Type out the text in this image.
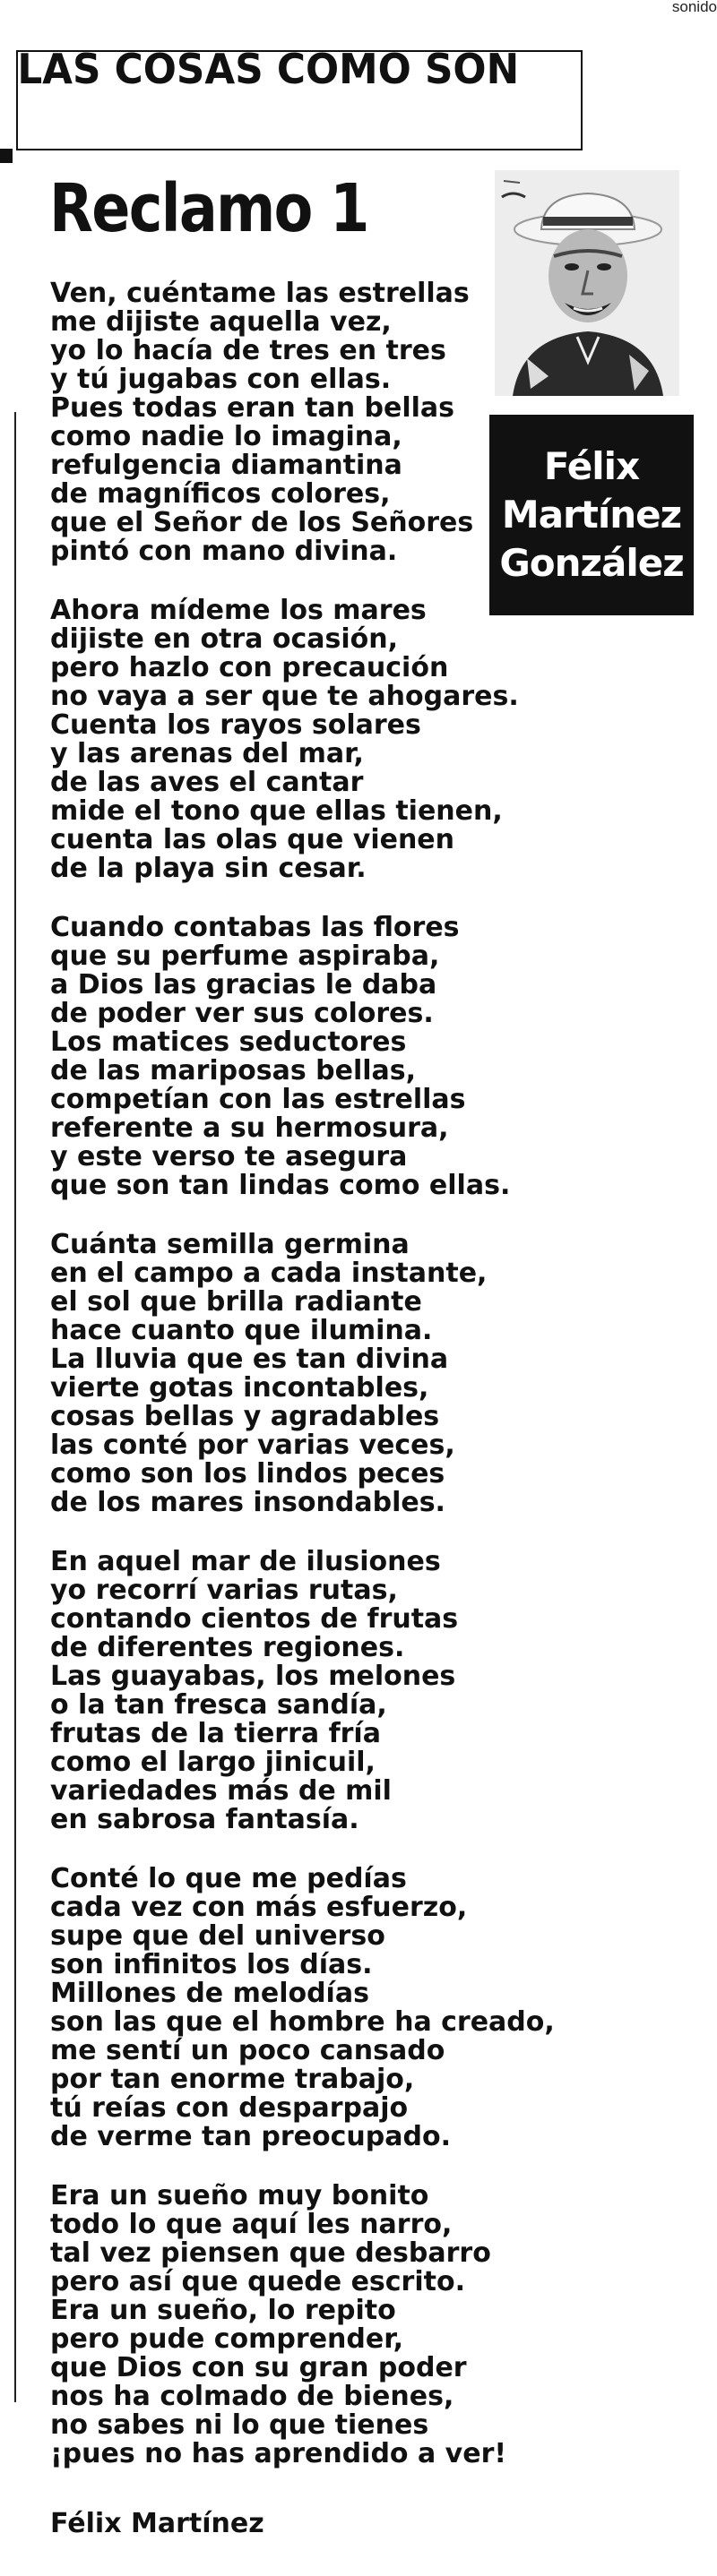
sonido
LAS COSAS COMO SON
Reclamo 1
Félix
Martínez
González
Ven, cuéntame las estrellas
me dijiste aquella vez,
yo lo hacía de tres en tres
y tú jugabas con ellas.
Pues todas eran tan bellas
como nadie lo imagina,
refulgencia diamantina
de magníficos colores,
que el Señor de los Señores
pintó con mano divina.
Ahora mídeme los mares
dijiste en otra ocasión,
pero hazlo con precaución
no vaya a ser que te ahogares.
Cuenta los rayos solares
y las arenas del mar,
de las aves el cantar
mide el tono que ellas tienen,
cuenta las olas que vienen
de la playa sin cesar.
Cuando contabas las flores
que su perfume aspiraba,
a Dios las gracias le daba
de poder ver sus colores.
Los matices seductores
de las mariposas bellas,
competían con las estrellas
referente a su hermosura,
y este verso te asegura
que son tan lindas como ellas.
Cuánta semilla germina
en el campo a cada instante,
el sol que brilla radiante
hace cuanto que ilumina.
La lluvia que es tan divina
vierte gotas incontables,
cosas bellas y agradables
las conté por varias veces,
como son los lindos peces
de los mares insondables.
En aquel mar de ilusiones
yo recorrí varias rutas,
contando cientos de frutas
de diferentes regiones.
Las guayabas, los melones
o la tan fresca sandía,
frutas de la tierra fría
como el largo jinicuil,
variedades más de mil
en sabrosa fantasía.
Conté lo que me pedías
cada vez con más esfuerzo,
supe que del universo
son infinitos los días.
Millones de melodías
son las que el hombre ha creado,
me sentí un poco cansado
por tan enorme trabajo,
tú reías con desparpajo
de verme tan preocupado.
Era un sueño muy bonito
todo lo que aquí les narro,
tal vez piensen que desbarro
pero así que quede escrito.
Era un sueño, lo repito
pero pude comprender,
que Dios con su gran poder
nos ha colmado de bienes,
no sabes ni lo que tienes
¡pues no has aprendido a ver!
Félix Martínez
